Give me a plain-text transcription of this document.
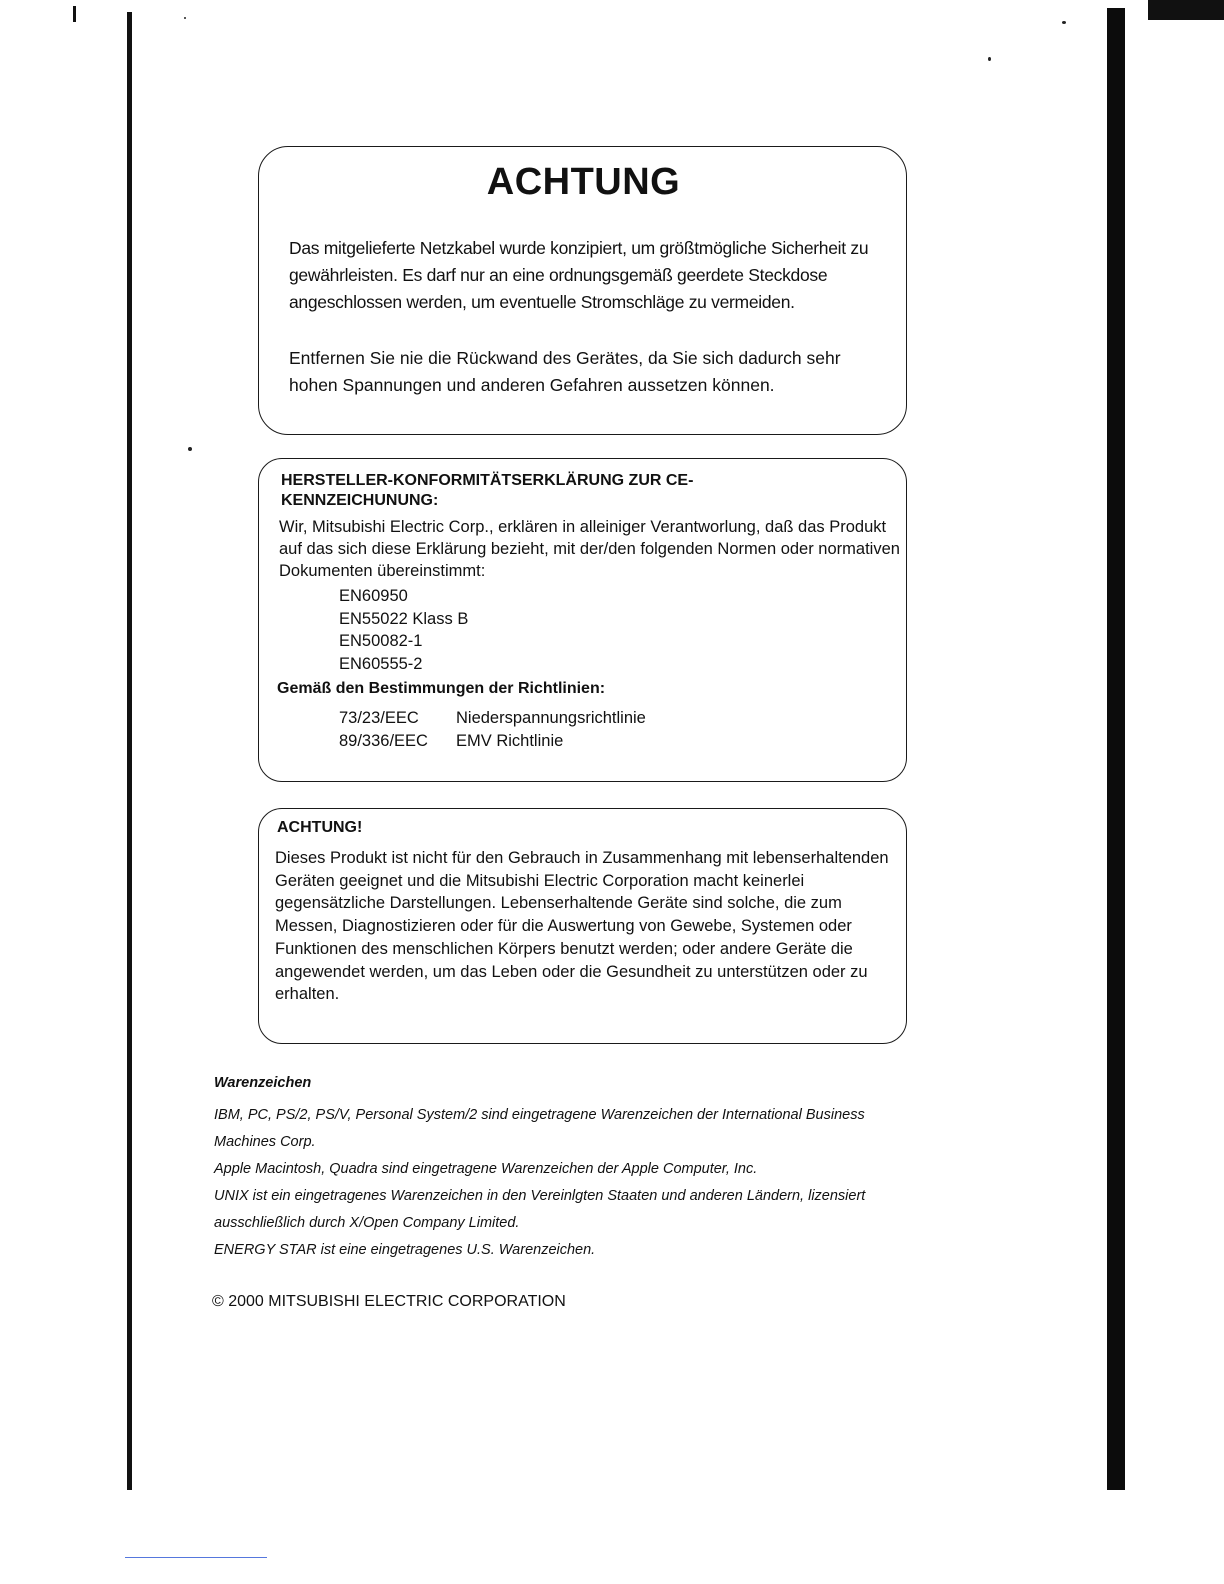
ACHTUNG

Das mitgelieferte Netzkabel wurde konzipiert, um größtmögliche Sicherheit zu gewährleisten. Es darf nur an eine ordnungsgemäß geerdete Steckdose angeschlossen werden, um eventuelle Stromschläge zu vermeiden.

Entfernen Sie nie die Rückwand des Gerätes, da Sie sich dadurch sehr hohen Spannungen und anderen Gefahren aussetzen können.

HERSTELLER-KONFORMITÄTSERKLÄRUNG ZUR CE-KENNZEICHUNUNG:

Wir, Mitsubishi Electric Corp., erklären in alleiniger Verantworlung, daß das Produkt auf das sich diese Erklärung bezieht, mit der/den folgenden Normen oder normativen Dokumenten übereinstimmt:

EN60950
EN55022 Klass B
EN50082-1
EN60555-2
Gemäß den Bestimmungen der Richtlinien:
73/23/EEC	Niederspannungsrichtlinie
89/336/EEC	EMV Richtlinie
ACHTUNG!

Dieses Produkt ist nicht für den Gebrauch in Zusammenhang mit lebenserhaltenden Geräten geeignet und die Mitsubishi Electric Corporation macht keinerlei gegensätzliche Darstellungen. Lebenserhaltende Geräte sind solche, die zum Messen, Diagnostizieren oder für die Auswertung von Gewebe, Systemen oder Funktionen des menschlichen Körpers benutzt werden; oder andere Geräte die angewendet werden, um das Leben oder die Gesundheit zu unterstützen oder zu erhalten.

Warenzeichen
IBM, PC, PS/2, PS/V, Personal System/2 sind eingetragene Warenzeichen der International Business Machines Corp.
Apple Macintosh, Quadra sind eingetragene Warenzeichen der Apple Computer, Inc.
UNIX ist ein eingetragenes Warenzeichen in den Vereinlgten Staaten und anderen Ländern, lizensiert ausschließlich durch X/Open Company Limited.
ENERGY STAR ist eine eingetragenes U.S. Warenzeichen.

© 2000 MITSUBISHI ELECTRIC CORPORATION
